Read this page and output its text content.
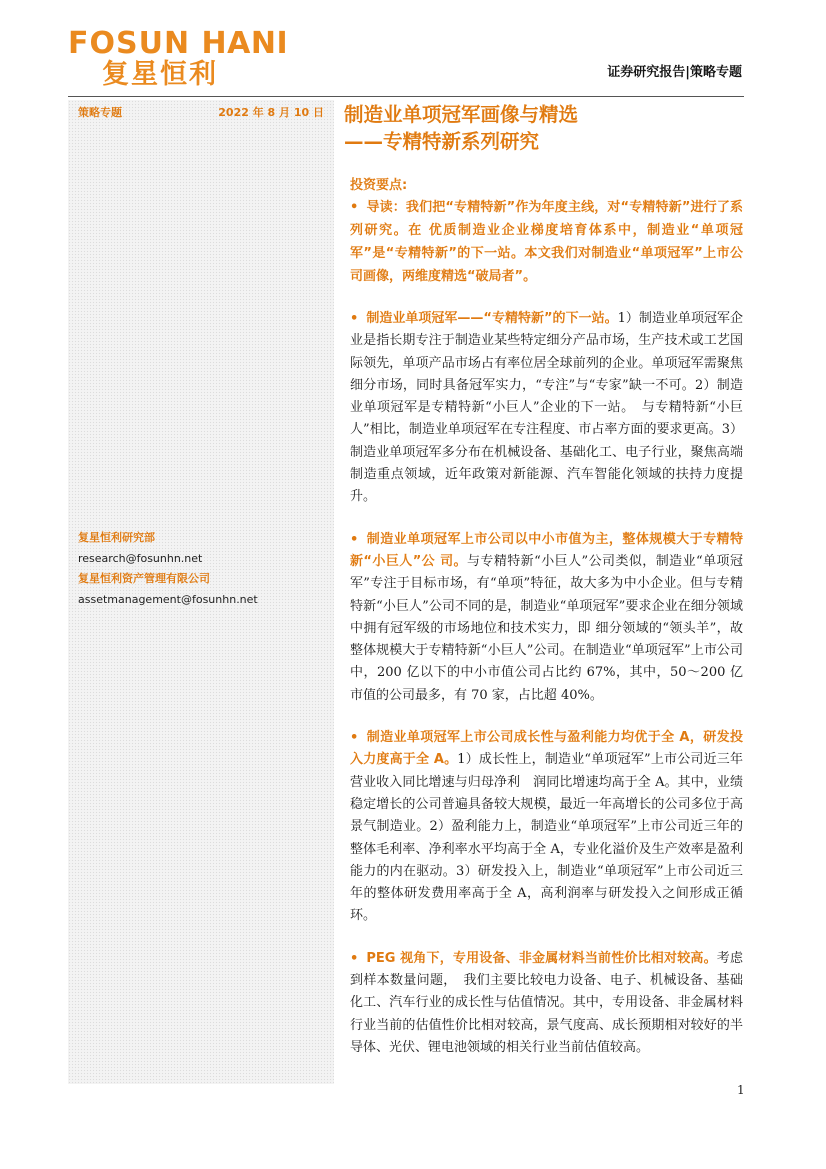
FOSUN HANI
复星恒利	证券研究报告|策略专题
策略专题	2022 年 8 月 10 日
复星恒利研究部
research@fosunhn.net
复星恒利资产管理有限公司
assetmanagement@fosunhn.net
制造业单项冠军画像与精选
——专精特新系列研究

投资要点:

• 导读：我们把“专精特新”作为年度主线，对“专精特新”进行了系列研究。在 优质制造业企业梯度培育体系中，制造业“单项冠军”是“专精特新”的下一站。本文我们对制造业“单项冠军”上市公司画像，两维度精选“破局者”。

• 制造业单项冠军——“专精特新”的下一站。1）制造业单项冠军企业是指长期专注于制造业某些特定细分产品市场，生产技术或工艺国际领先，单项产品市场占有率位居全球前列的企业。单项冠军需聚焦细分市场，同时具备冠军实力，“专注”与“专家”缺一不可。2）制造业单项冠军是专精特新“小巨人”企业的下一站。　与专精特新“小巨人”相比，制造业单项冠军在专注程度、市占率方面的要求更高。3）制造业单项冠军多分布在机械设备、基础化工、电子行业，聚焦高端制造重点领域，近年政策对新能源、汽车智能化领域的扶持力度提升。

• 制造业单项冠军上市公司以中小市值为主，整体规模大于专精特新“小巨人”公 司。与专精特新“小巨人”公司类似，制造业“单项冠军”专注于目标市场，有“单项”特征，故大多为中小企业。但与专精特新“小巨人”公司不同的是，制造业“单项冠军”要求企业在细分领域中拥有冠军级的市场地位和技术实力，即 细分领域的“领头羊”，故整体规模大于专精特新“小巨人”公司。在制造业“单项冠军”上市公司中，200 亿以下的中小市值公司占比约 67%，其中，50～200 亿市值的公司最多，有 70 家，占比超 40%。

• 制造业单项冠军上市公司成长性与盈利能力均优于全 A，研发投入力度高于全 A。1）成长性上，制造业“单项冠军”上市公司近三年营业收入同比增速与归母净利　润同比增速均高于全 A。其中，业绩稳定增长的公司普遍具备较大规模，最近一年高增长的公司多位于高景气制造业。2）盈利能力上，制造业“单项冠军”上市公司近三年的整体毛利率、净利率水平均高于全 A，专业化溢价及生产效率是盈利能力的内在驱动。3）研发投入上，制造业“单项冠军”上市公司近三年的整体研发费用率高于全 A，高利润率与研发投入之间形成正循环。

• PEG 视角下，专用设备、非金属材料当前性价比相对较高。考虑到样本数量问题，　我们主要比较电力设备、电子、机械设备、基础化工、汽车行业的成长性与估值情况。其中，专用设备、非金属材料行业当前的估值性价比相对较高，景气度高、成长预期相对较好的半导体、光伏、锂电池领域的相关行业当前估值较高。

1
